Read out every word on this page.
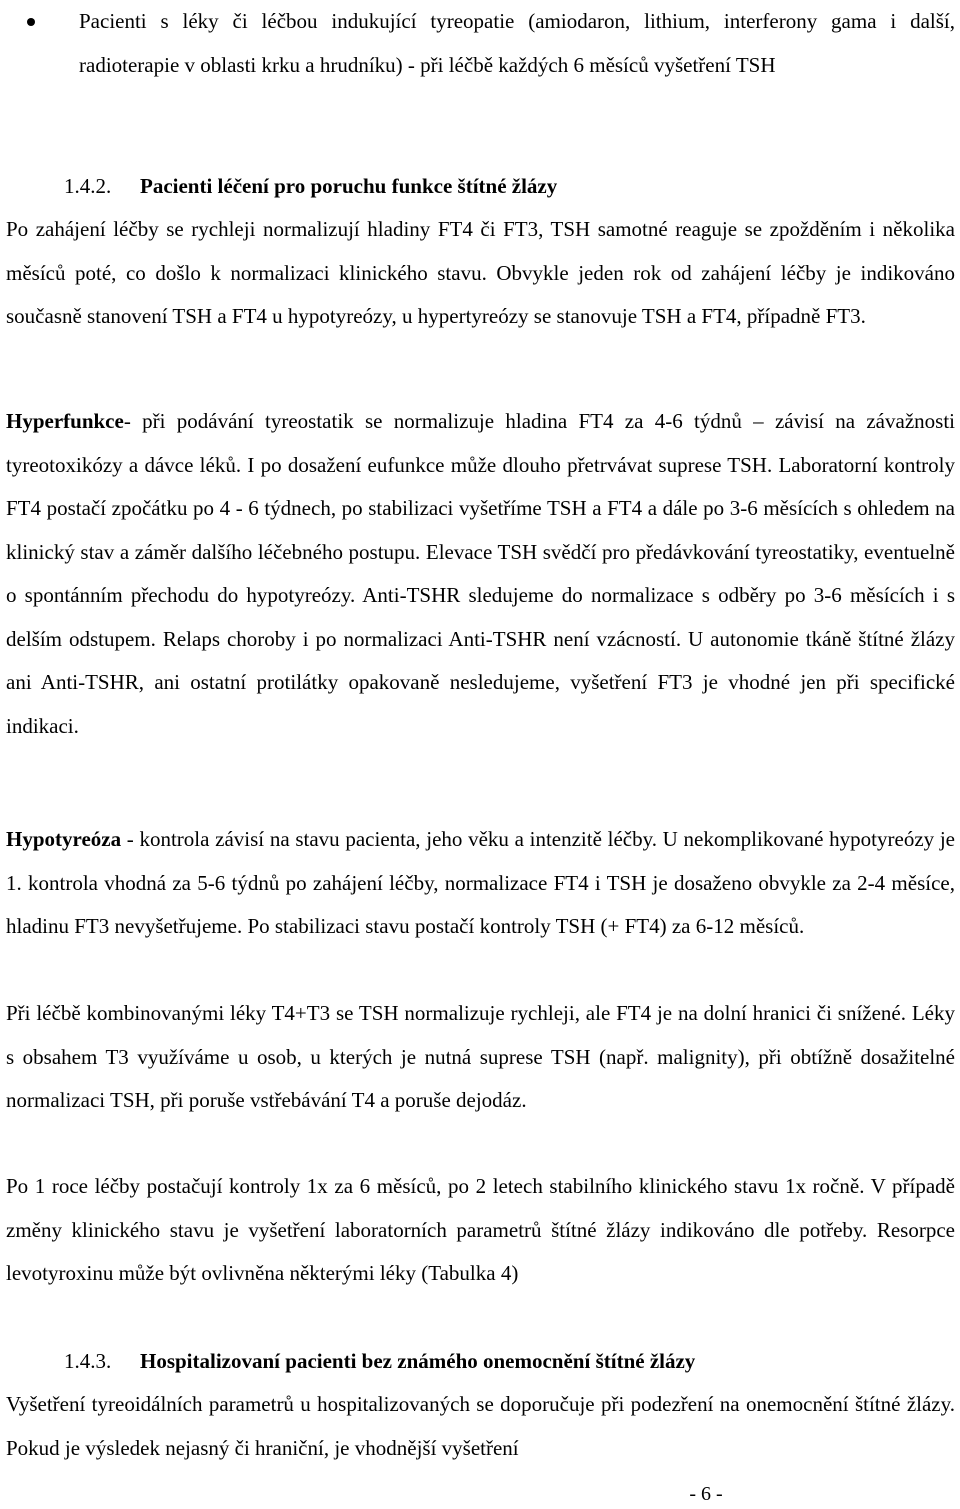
Pacienti s léky či léčbou indukující tyreopatie (amiodaron, lithium, interferony gama i další, radioterapie v oblasti krku a hrudníku) - při léčbě každých 6 měsíců vyšetření TSH

1.4.2. Pacienti léčení pro poruchu funkce štítné žlázy

Po zahájení léčby se rychleji normalizují hladiny FT4 či FT3, TSH samotné reaguje se zpožděním i několika měsíců poté, co došlo k normalizaci klinického stavu. Obvykle jeden rok od zahájení léčby je indikováno současně stanovení TSH a FT4 u hypotyreózy, u hypertyreózy se stanovuje TSH a FT4, případně FT3.

Hyperfunkce- při podávání tyreostatik se normalizuje hladina FT4 za 4-6 týdnů – závisí na závažnosti tyreotoxikózy a dávce léků. I po dosažení eufunkce může dlouho přetrvávat suprese TSH. Laboratorní kontroly FT4 postačí zpočátku po 4 - 6 týdnech, po stabilizaci vyšetříme TSH a FT4 a dále po 3-6 měsících s ohledem na klinický stav a záměr dalšího léčebného postupu. Elevace TSH svědčí pro předávkování tyreostatiky, eventuelně o spontánním přechodu do hypotyreózy. Anti-TSHR sledujeme do normalizace s odběry po 3-6 měsících i s delším odstupem. Relaps choroby i po normalizaci Anti-TSHR není vzácností. U autonomie tkáně štítné žlázy ani Anti-TSHR, ani ostatní protilátky opakovaně nesledujeme, vyšetření FT3 je vhodné jen při specifické indikaci.

Hypotyreóza - kontrola závisí na stavu pacienta, jeho věku a intenzitě léčby. U nekomplikované hypotyreózy je 1. kontrola vhodná za 5-6 týdnů po zahájení léčby, normalizace FT4 i TSH je dosaženo obvykle za 2-4 měsíce, hladinu FT3 nevyšetřujeme. Po stabilizaci stavu postačí kontroly TSH (+ FT4) za 6-12 měsíců.

Při léčbě kombinovanými léky T4+T3 se TSH normalizuje rychleji, ale FT4 je na dolní hranici či snížené. Léky s obsahem T3 využíváme u osob, u kterých je nutná suprese TSH (např. malignity), při obtížně dosažitelné normalizaci TSH, při poruše vstřebávání T4 a poruše dejodáz.

Po 1 roce léčby postačují kontroly 1x za 6 měsíců, po 2 letech stabilního klinického stavu 1x ročně. V případě změny klinického stavu je vyšetření laboratorních parametrů štítné žlázy indikováno dle potřeby. Resorpce levotyroxinu může být ovlivněna některými léky (Tabulka 4)

1.4.3. Hospitalizovaní pacienti bez známého onemocnění štítné žlázy

Vyšetření tyreoidálních parametrů u hospitalizovaných se doporučuje při podezření na onemocnění štítné žlázy. Pokud je výsledek nejasný či hraniční, je vhodnější vyšetření

- 6 -
